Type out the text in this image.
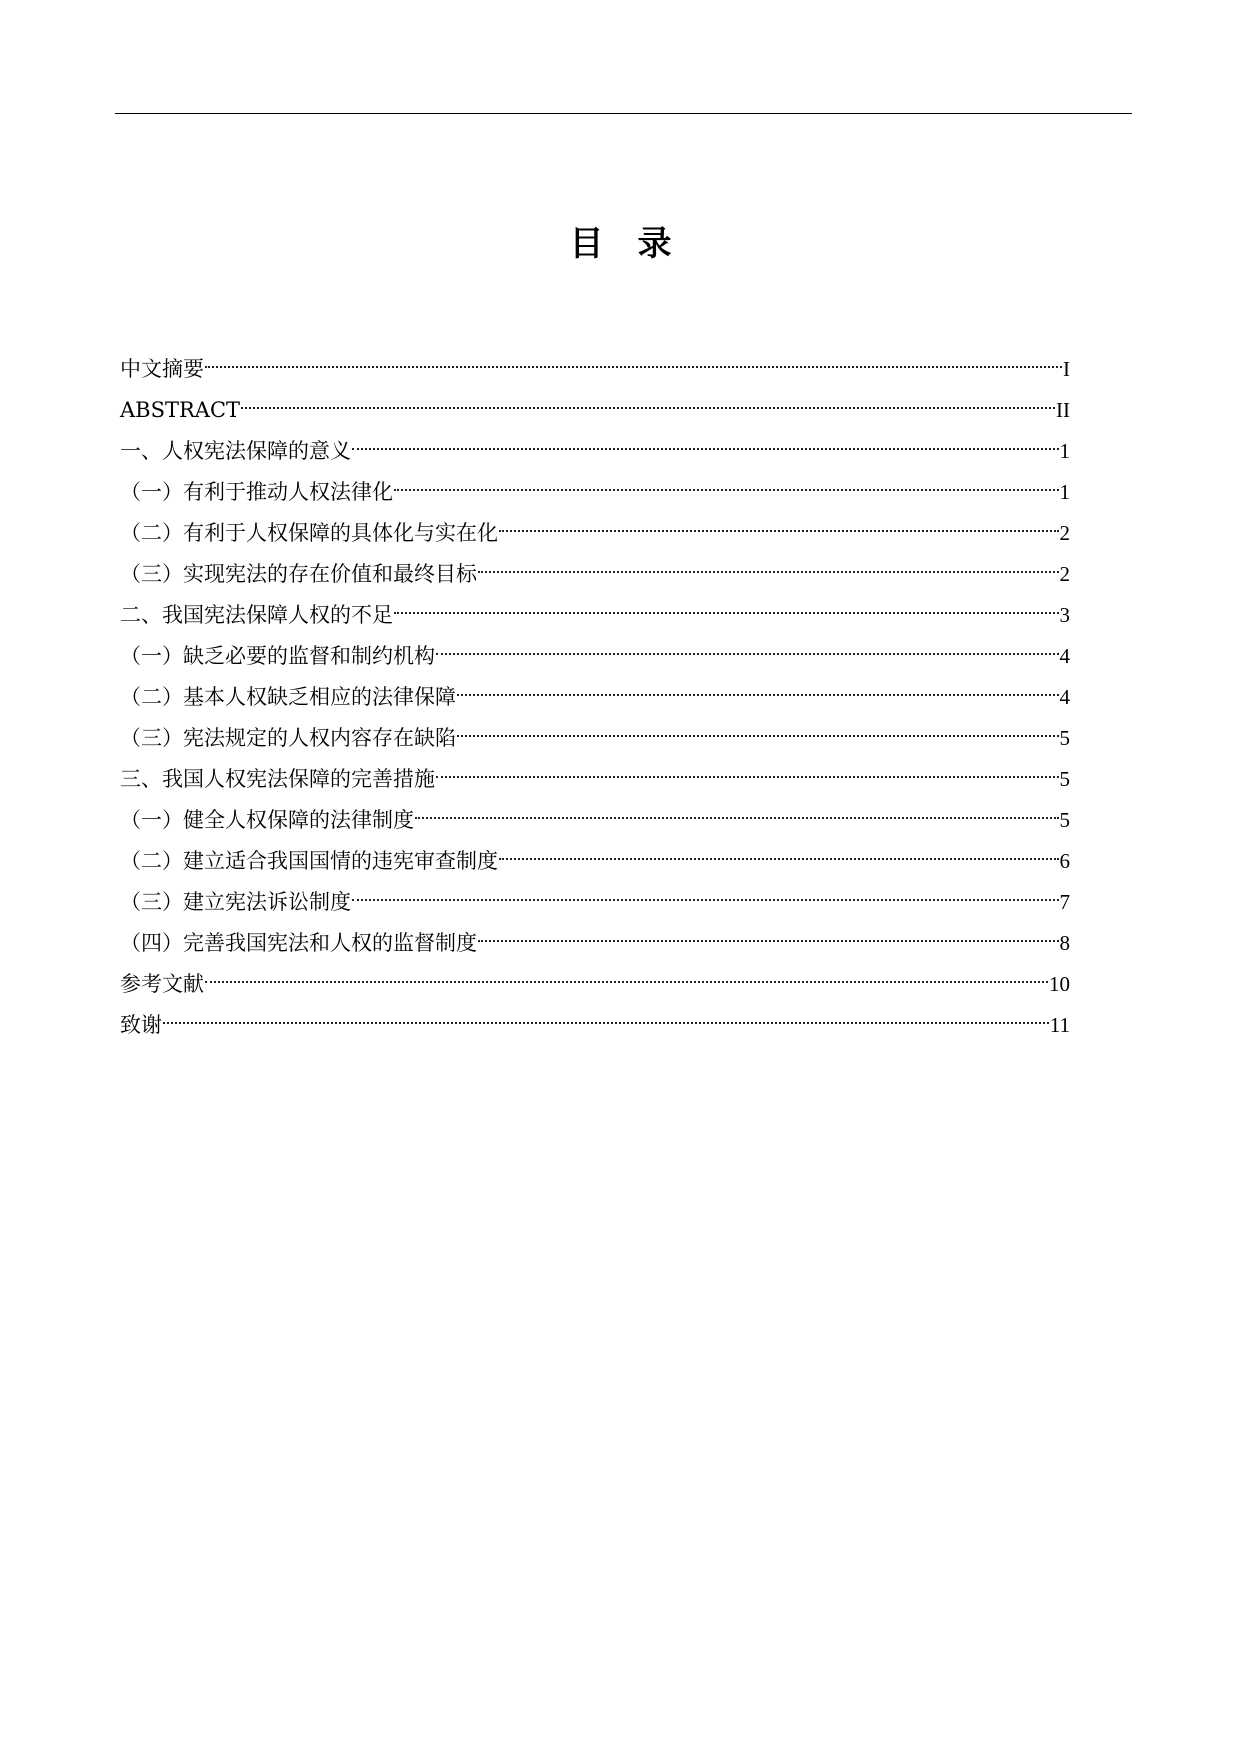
目　录
中文摘要	I
ABSTRACT	II
一、人权宪法保障的意义	1
（一）有利于推动人权法律化	1
（二）有利于人权保障的具体化与实在化	2
（三）实现宪法的存在价值和最终目标	2
二、我国宪法保障人权的不足	3
（一）缺乏必要的监督和制约机构	4
（二）基本人权缺乏相应的法律保障	4
（三）宪法规定的人权内容存在缺陷	5
三、我国人权宪法保障的完善措施	5
（一）健全人权保障的法律制度	5
（二）建立适合我国国情的违宪审查制度	6
（三）建立宪法诉讼制度	7
（四）完善我国宪法和人权的监督制度	8
参考文献	10
致谢	11
